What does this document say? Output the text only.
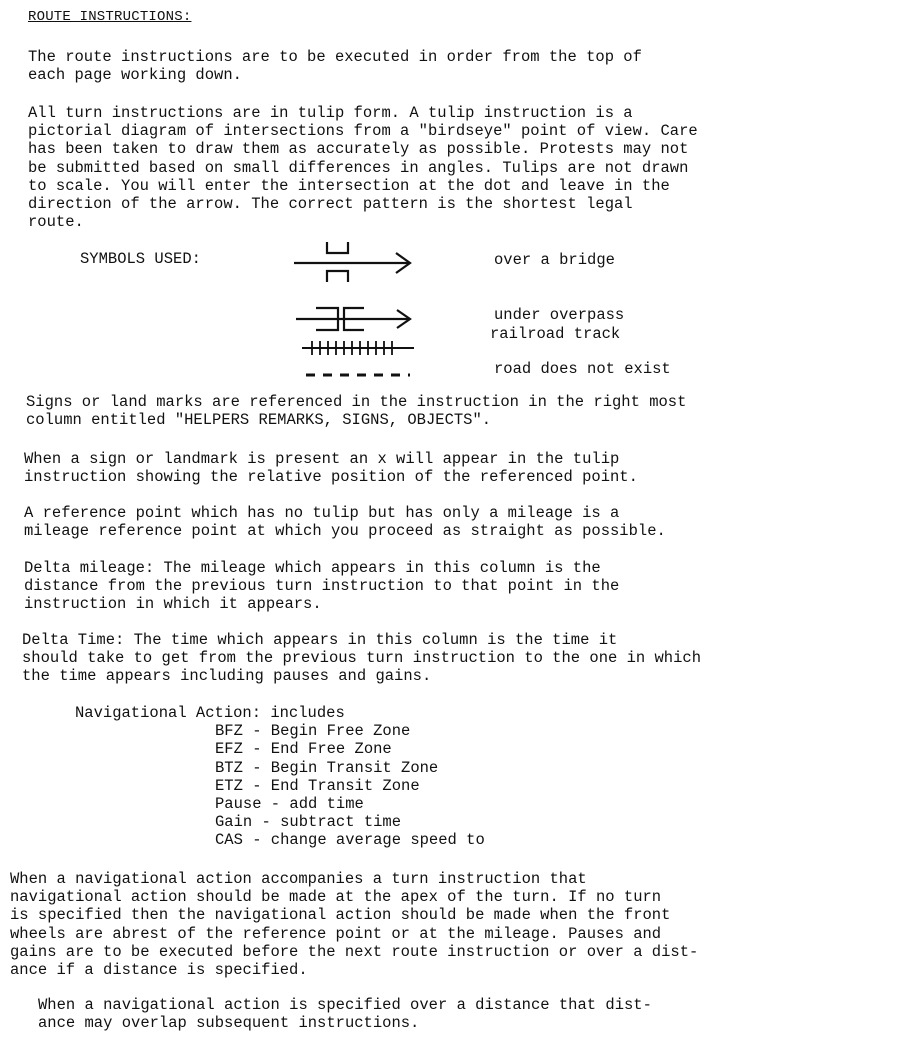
ROUTE INSTRUCTIONS:
The route instructions are to be executed in order from the top of
each page working down.
All turn instructions are in tulip form. A tulip instruction is a
pictorial diagram of intersections from a "birdseye" point of view. Care
has been taken to draw them as accurately as possible. Protests may not
be submitted based on small differences in angles. Tulips are not drawn
to scale. You will enter the intersection at the dot and leave in the
direction of the arrow. The correct pattern is the shortest legal
route.
SYMBOLS USED:	over a bridge
under overpass
railroad track
road does not exist
Signs or land marks are referenced in the instruction in the right most
column entitled "HELPERS REMARKS, SIGNS, OBJECTS".
When a sign or landmark is present an x will appear in the tulip
instruction showing the relative position of the referenced point.
A reference point which has no tulip but has only a mileage is a
mileage reference point at which you proceed as straight as possible.
Delta mileage: The mileage which appears in this column is the
distance from the previous turn instruction to that point in the
instruction in which it appears.
Delta Time: The time which appears in this column is the time it
should take to get from the previous turn instruction to the one in which
the time appears including pauses and gains.
Navigational Action: includes
BFZ - Begin Free Zone
EFZ - End Free Zone
BTZ - Begin Transit Zone
ETZ - End Transit Zone
Pause - add time
Gain - subtract time
CAS - change average speed to
When a navigational action accompanies a turn instruction that
navigational action should be made at the apex of the turn. If no turn
is specified then the navigational action should be made when the front
wheels are abrest of the reference point or at the mileage. Pauses and
gains are to be executed before the next route instruction or over a dist-
ance if a distance is specified.
When a navigational action is specified over a distance that dist-
ance may overlap subsequent instructions.
